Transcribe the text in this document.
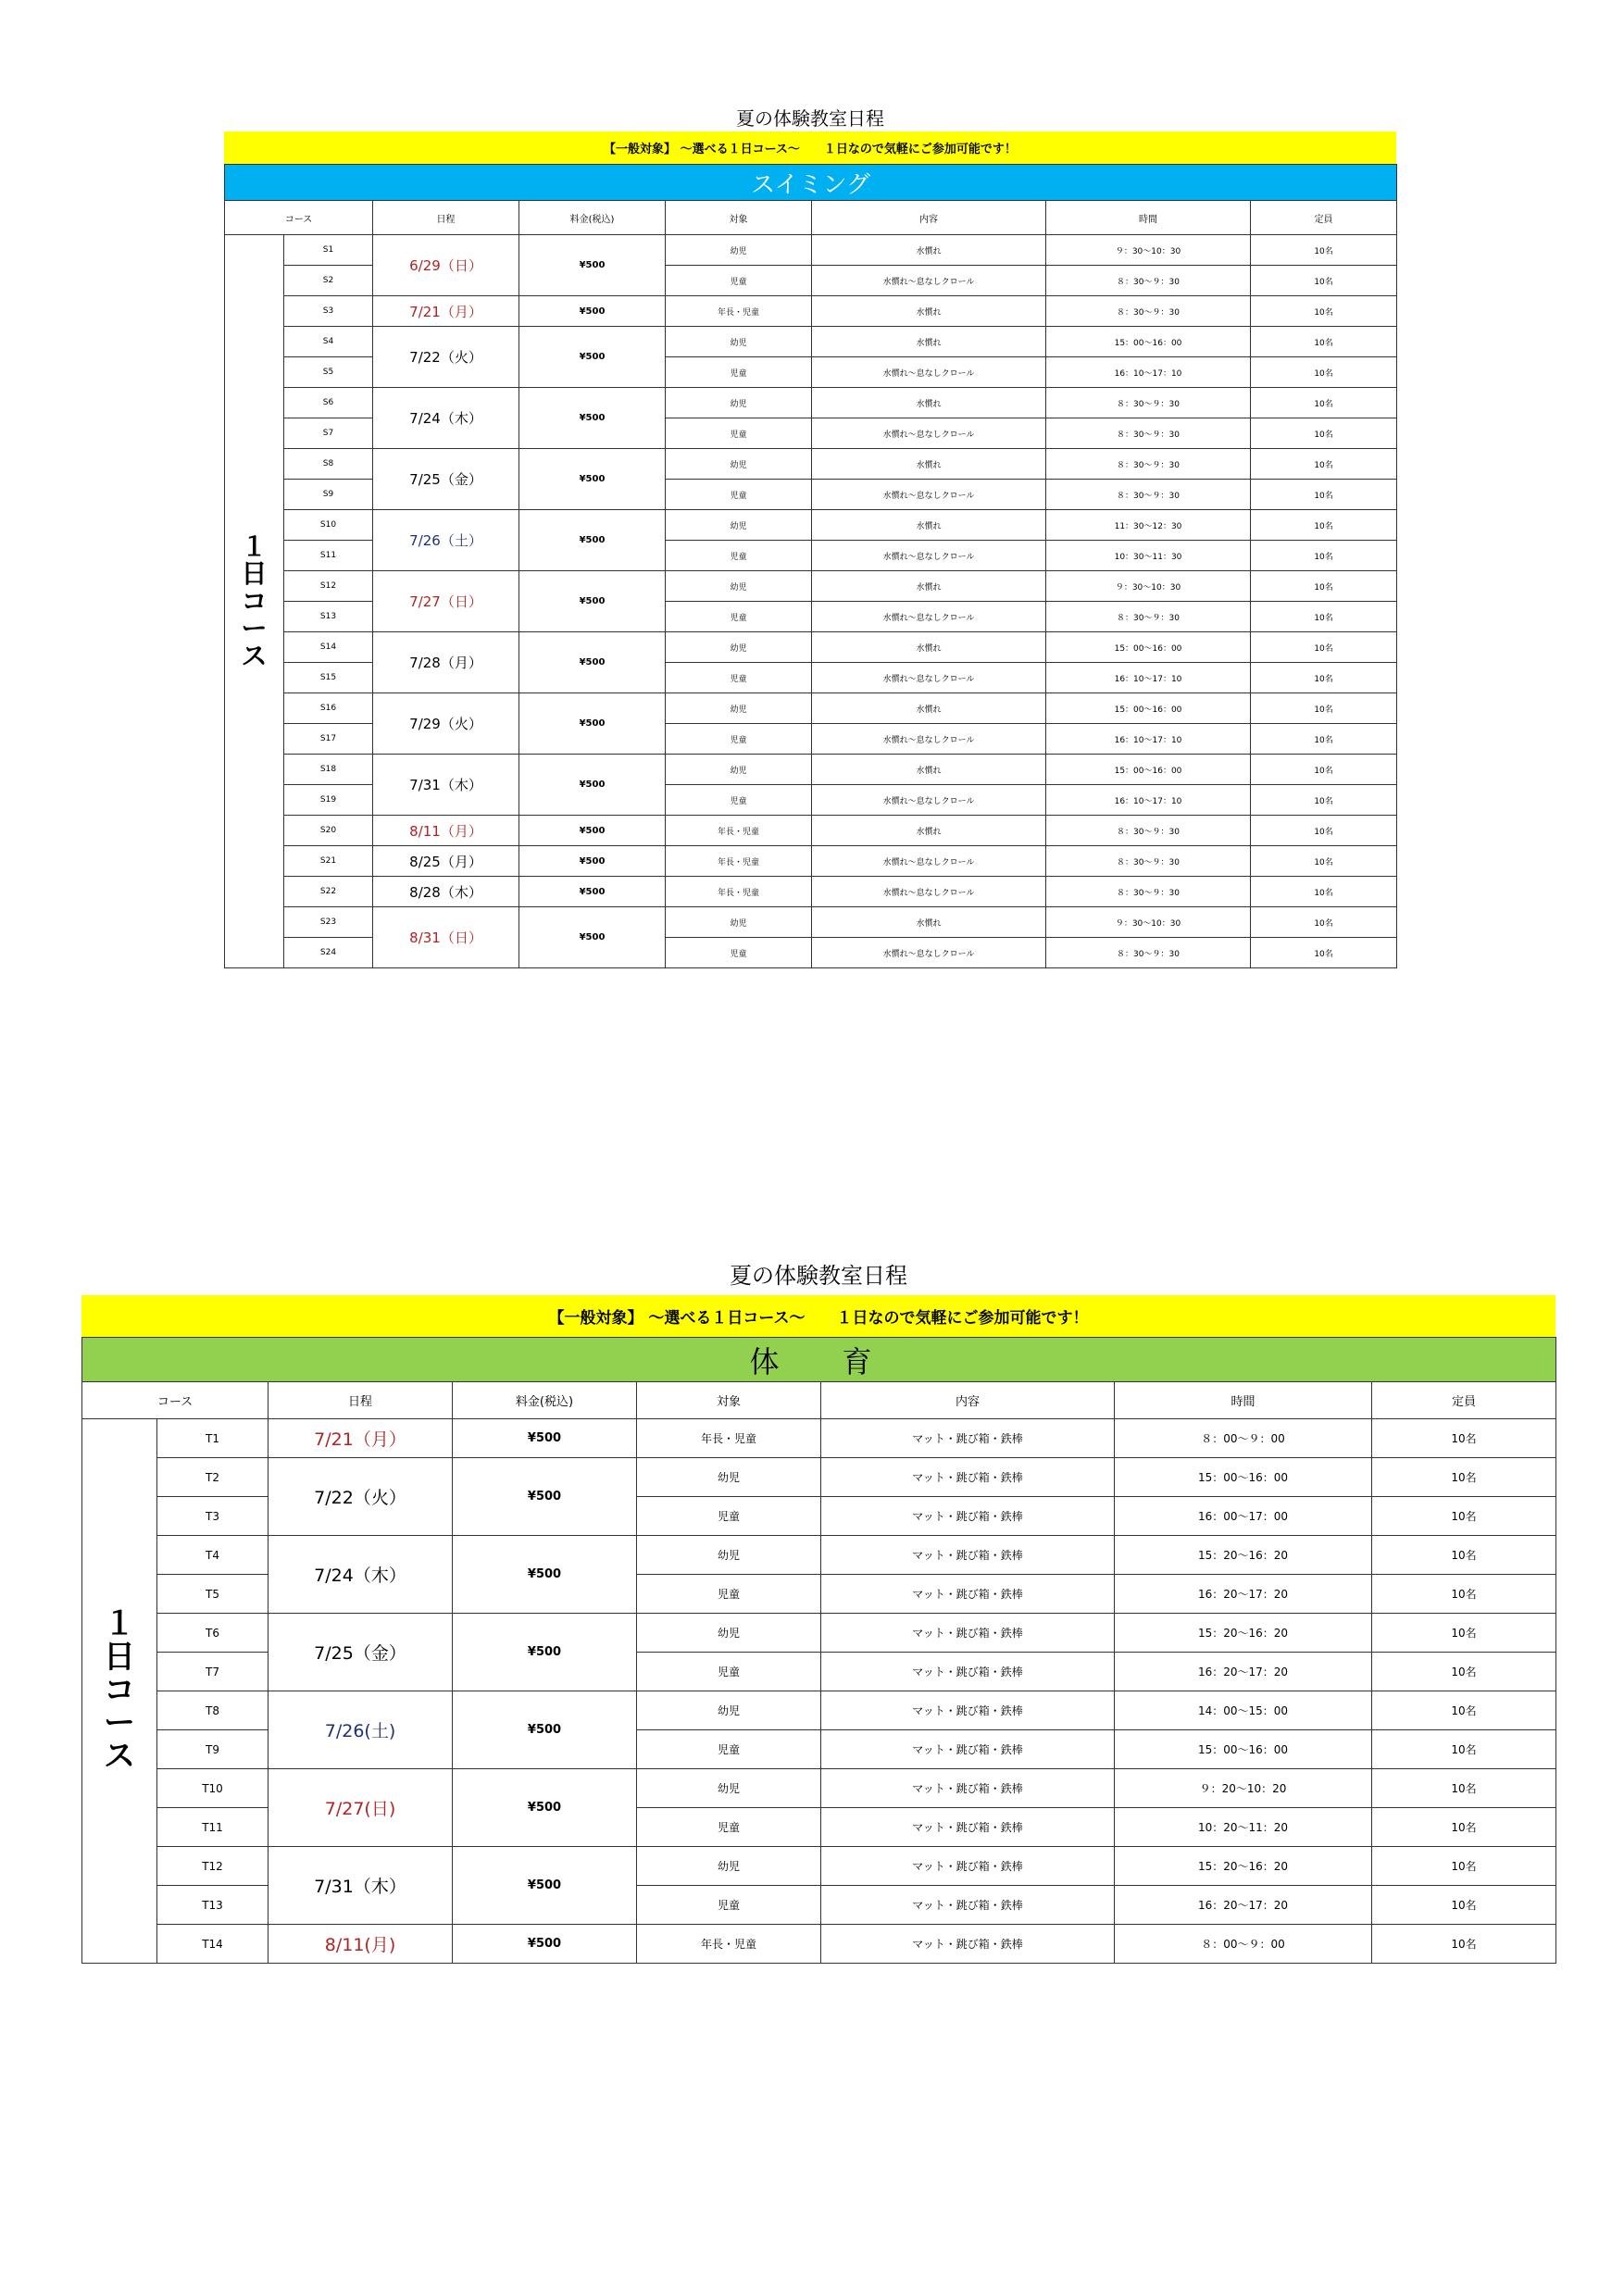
夏の体験教室日程
【一般対象】 ～選べる１日コース～　　１日なので気軽にご参加可能です！
スイミング							
コース		日程	料金(税込)	対象	内容	時間	定員

１
日
コ
ー
ス	S1	6/29（日）	¥500	幼児	水慣れ	９：30～10：30	10名
	S2			児童	水慣れ～息なしクロール	８：30～９：30	10名
	S3	7/21（月）	¥500	年長・児童	水慣れ	８：30～９：30	10名
	S4	7/22（火）	¥500	幼児	水慣れ	15：00～16：00	10名
	S5			児童	水慣れ～息なしクロール	16：10～17：10	10名
	S6	7/24（木）	¥500	幼児	水慣れ	８：30～９：30	10名
	S7			児童	水慣れ～息なしクロール	８：30～９：30	10名
	S8	7/25（金）	¥500	幼児	水慣れ	８：30～９：30	10名
	S9			児童	水慣れ～息なしクロール	８：30～９：30	10名
	S10	7/26（土）	¥500	幼児	水慣れ	11：30～12：30	10名
	S11			児童	水慣れ～息なしクロール	10：30～11：30	10名
	S12	7/27（日）	¥500	幼児	水慣れ	９：30～10：30	10名
	S13			児童	水慣れ～息なしクロール	８：30～９：30	10名
	S14	7/28（月）	¥500	幼児	水慣れ	15：00～16：00	10名
	S15			児童	水慣れ～息なしクロール	16：10～17：10	10名
	S16	7/29（火）	¥500	幼児	水慣れ	15：00～16：00	10名
	S17			児童	水慣れ～息なしクロール	16：10～17：10	10名
	S18	7/31（木）	¥500	幼児	水慣れ	15：00～16：00	10名
	S19			児童	水慣れ～息なしクロール	16：10～17：10	10名
	S20	8/11（月）	¥500	年長・児童	水慣れ	８：30～９：30	10名
	S21	8/25（月）	¥500	年長・児童	水慣れ～息なしクロール	８：30～９：30	10名
	S22	8/28（木）	¥500	年長・児童	水慣れ～息なしクロール	８：30～９：30	10名
	S23	8/31（日）	¥500	幼児	水慣れ	９：30～10：30	10名
	S24			児童	水慣れ～息なしクロール	８：30～９：30	10名
夏の体験教室日程
【一般対象】 ～選べる１日コース～　　１日なので気軽にご参加可能です！
体　育							
コース		日程	料金(税込)	対象	内容	時間	定員

１
日
コ
ー
ス	T1	7/21（月）	¥500	年長・児童	マット・跳び箱・鉄棒	８：00～９：00	10名
	T2	7/22（火）	¥500	幼児	マット・跳び箱・鉄棒	15：00～16：00	10名
	T3			児童	マット・跳び箱・鉄棒	16：00～17：00	10名
	T4	7/24（木）	¥500	幼児	マット・跳び箱・鉄棒	15：20～16：20	10名
	T5			児童	マット・跳び箱・鉄棒	16：20～17：20	10名
	T6	7/25（金）	¥500	幼児	マット・跳び箱・鉄棒	15：20～16：20	10名
	T7			児童	マット・跳び箱・鉄棒	16：20～17：20	10名
	T8	7/26(土)	¥500	幼児	マット・跳び箱・鉄棒	14：00～15：00	10名
	T9			児童	マット・跳び箱・鉄棒	15：00～16：00	10名
	T10	7/27(日)	¥500	幼児	マット・跳び箱・鉄棒	９：20～10：20	10名
	T11			児童	マット・跳び箱・鉄棒	10：20～11：20	10名
	T12	7/31（木）	¥500	幼児	マット・跳び箱・鉄棒	15：20～16：20	10名
	T13			児童	マット・跳び箱・鉄棒	16：20～17：20	10名
	T14	8/11(月)	¥500	年長・児童	マット・跳び箱・鉄棒	８：00～９：00	10名
